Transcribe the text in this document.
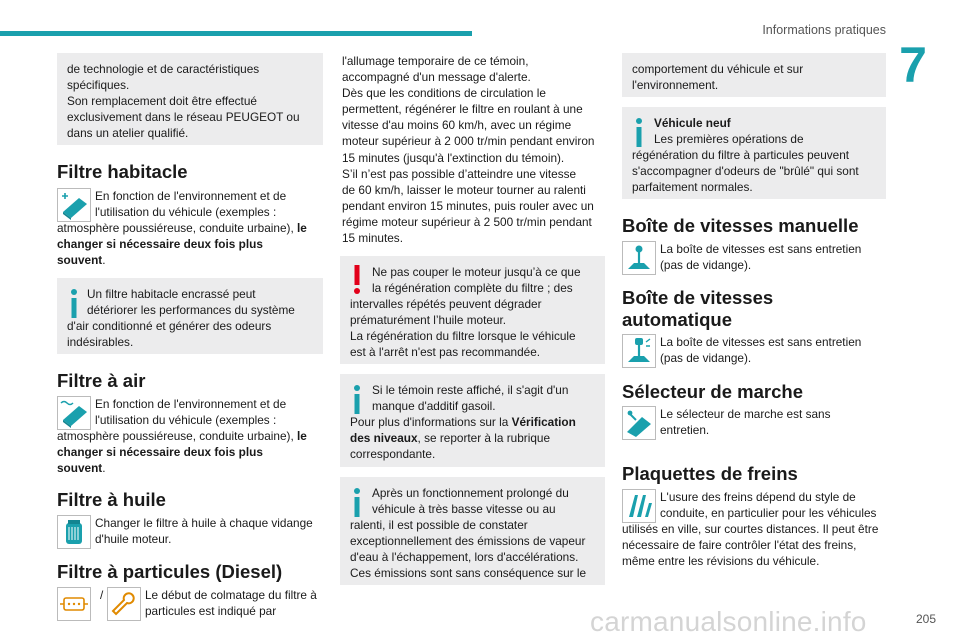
Informations pratiques
7
de technologie et de caractéristiques
spécifiques.
Son remplacement doit être effectué
exclusivement dans le réseau PEUGEOT ou
dans un atelier qualifié.
Filtre habitacle
En fonction de l'environnement et de
l'utilisation du véhicule (exemples :
atmosphère poussiéreuse, conduite urbaine), le
changer si nécessaire deux fois plus
souvent.
Un filtre habitacle encrassé peut
détériorer les performances du système
d'air conditionné et générer des odeurs
indésirables.
Filtre à air
En fonction de l'environnement et de
l'utilisation du véhicule (exemples :
atmosphère poussiéreuse, conduite urbaine), le
changer si nécessaire deux fois plus
souvent.
Filtre à huile
Changer le filtre à huile à chaque vidange
d'huile moteur.
Filtre à particules (Diesel)
/	Le début de colmatage du filtre à
particules est indiqué par
l'allumage temporaire de ce témoin,
accompagné d'un message d'alerte.
Dès que les conditions de circulation le
permettent, régénérer le filtre en roulant à une
vitesse d'au moins 60 km/h, avec un régime
moteur supérieur à 2 000 tr/min pendant environ
15 minutes (jusqu'à l'extinction du témoin).
S’il n’est pas possible d’atteindre une vitesse
de 60 km/h, laisser le moteur tourner au ralenti
pendant environ 15 minutes, puis rouler avec un
régime moteur supérieur à 2 500 tr/min pendant
15 minutes.
Ne pas couper le moteur jusqu’à ce que
la régénération complète du filtre ; des
intervalles répétés peuvent dégrader
prématurément l’huile moteur.
La régénération du filtre lorsque le véhicule
est à l'arrêt n'est pas recommandée.
Si le témoin reste affiché, il s'agit d'un
manque d'additif gasoil.
Pour plus d'informations sur la Vérification
des niveaux, se reporter à la rubrique
correspondante.
Après un fonctionnement prolongé du
véhicule à très basse vitesse ou au
ralenti, il est possible de constater
exceptionnellement des émissions de vapeur
d'eau à l'échappement, lors d'accélérations.
Ces émissions sont sans conséquence sur le
comportement du véhicule et sur
l'environnement.
Véhicule neuf
Les premières opérations de
régénération du filtre à particules peuvent
s'accompagner d'odeurs de "brûlé" qui sont
parfaitement normales.
Boîte de vitesses manuelle
La boîte de vitesses est sans entretien
(pas de vidange).
Boîte de vitesses
automatique
La boîte de vitesses est sans entretien
(pas de vidange).
Sélecteur de marche
Le sélecteur de marche est sans
entretien.
Plaquettes de freins
L'usure des freins dépend du style de
conduite, en particulier pour les véhicules
utilisés en ville, sur courtes distances. Il peut être
nécessaire de faire contrôler l'état des freins,
même entre les révisions du véhicule.
carmanualsonline.info	205
